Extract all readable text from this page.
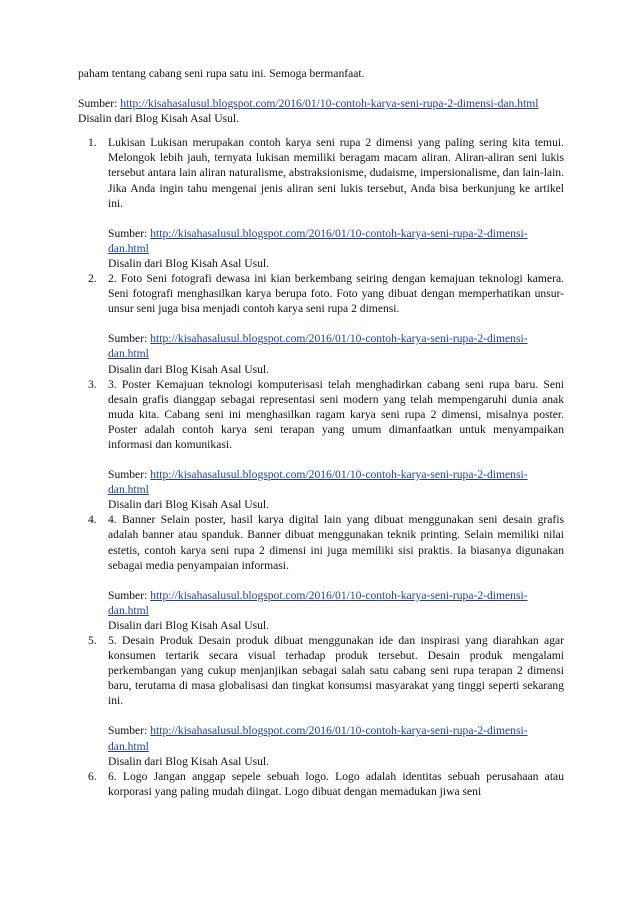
paham tentang cabang seni rupa satu ini. Semoga bermanfaat.

Sumber: http://kisahasalusul.blogspot.com/2016/01/10-contoh-karya-seni-rupa-2-dimensi-dan.html

Disalin dari Blog Kisah Asal Usul.

1. Lukisan Lukisan merupakan contoh karya seni rupa 2 dimensi yang paling sering kita temui. Melongok lebih jauh, ternyata lukisan memiliki beragam macam aliran. Aliran-aliran seni lukis tersebut antara lain aliran naturalisme, abstraksionisme, dudaisme, impersionalisme, dan lain-lain. Jika Anda ingin tahu mengenai jenis aliran seni lukis tersebut, Anda bisa berkunjung ke artikel ini.

Sumber: http://kisahasalusul.blogspot.com/2016/01/10-contoh-karya-seni-rupa-2-dimensi-dan.html

Disalin dari Blog Kisah Asal Usul.

2. 2. Foto Seni fotografi dewasa ini kian berkembang seiring dengan kemajuan teknologi kamera. Seni fotografi menghasilkan karya berupa foto. Foto yang dibuat dengan memperhatikan unsur-unsur seni juga bisa menjadi contoh karya seni rupa 2 dimensi.

Sumber: http://kisahasalusul.blogspot.com/2016/01/10-contoh-karya-seni-rupa-2-dimensi-dan.html

Disalin dari Blog Kisah Asal Usul.

3. 3. Poster Kemajuan teknologi komputerisasi telah menghadirkan cabang seni rupa baru. Seni desain grafis dianggap sebagai representasi seni modern yang telah mempengaruhi dunia anak muda kita. Cabang seni ini menghasilkan ragam karya seni rupa 2 dimensi, misalnya poster. Poster adalah contoh karya seni terapan yang umum dimanfaatkan untuk menyampaikan informasi dan komunikasi.

Sumber: http://kisahasalusul.blogspot.com/2016/01/10-contoh-karya-seni-rupa-2-dimensi-dan.html

Disalin dari Blog Kisah Asal Usul.

4. 4. Banner Selain poster, hasil karya digital lain yang dibuat menggunakan seni desain grafis adalah banner atau spanduk. Banner dibuat menggunakan teknik printing. Selain memiliki nilai estetis, contoh karya seni rupa 2 dimensi ini juga memiliki sisi praktis. Ia biasanya digunakan sebagai media penyampaian informasi.

Sumber: http://kisahasalusul.blogspot.com/2016/01/10-contoh-karya-seni-rupa-2-dimensi-dan.html

Disalin dari Blog Kisah Asal Usul.

5. 5. Desain Produk Desain produk dibuat menggunakan ide dan inspirasi yang diarahkan agar konsumen tertarik secara visual terhadap produk tersebut. Desain produk mengalami perkembangan yang cukup menjanjikan sebagai salah satu cabang seni rupa terapan 2 dimensi baru, terutama di masa globalisasi dan tingkat konsumsi masyarakat yang tinggi seperti sekarang ini.

Sumber: http://kisahasalusul.blogspot.com/2016/01/10-contoh-karya-seni-rupa-2-dimensi-dan.html

Disalin dari Blog Kisah Asal Usul.

6. 6. Logo Jangan anggap sepele sebuah logo. Logo adalah identitas sebuah perusahaan atau korporasi yang paling mudah diingat. Logo dibuat dengan memadukan jiwa seni
